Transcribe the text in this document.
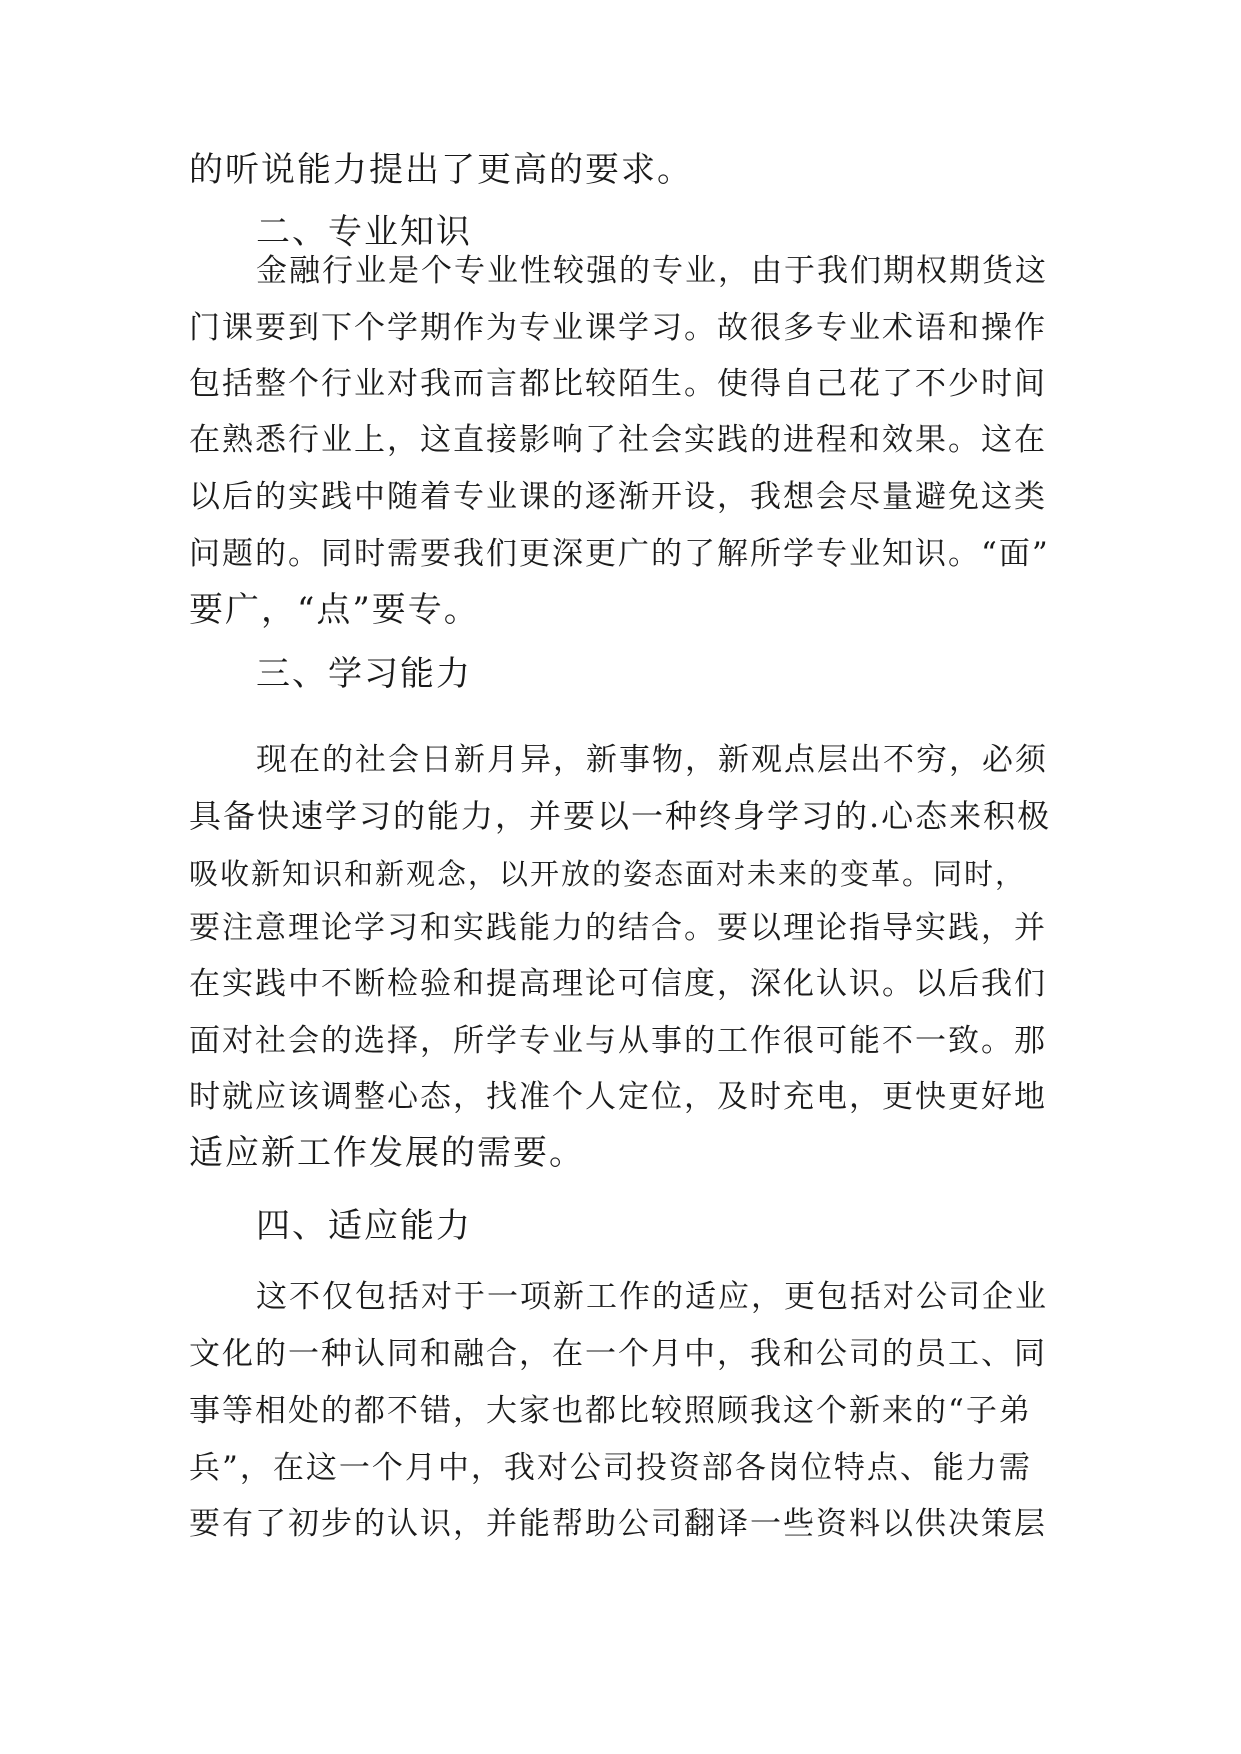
的听说能力提出了更高的要求。
二、专业知识
金融行业是个专业性较强的专业，由于我们期权期货这
门课要到下个学期作为专业课学习。故很多专业术语和操作
包括整个行业对我而言都比较陌生。使得自己花了不少时间
在熟悉行业上，这直接影响了社会实践的进程和效果。这在
以后的实践中随着专业课的逐渐开设，我想会尽量避免这类
问题的。同时需要我们更深更广的了解所学专业知识。“面”
要广，“点”要专。
三、学习能力
现在的社会日新月异，新事物，新观点层出不穷，必须
具备快速学习的能力，并要以一种终身学习的.心态来积极
吸收新知识和新观念，以开放的姿态面对未来的变革。同时，
要注意理论学习和实践能力的结合。要以理论指导实践，并
在实践中不断检验和提高理论可信度，深化认识。以后我们
面对社会的选择，所学专业与从事的工作很可能不一致。那
时就应该调整心态，找准个人定位，及时充电，更快更好地
适应新工作发展的需要。
四、适应能力
这不仅包括对于一项新工作的适应，更包括对公司企业
文化的一种认同和融合，在一个月中，我和公司的员工、同
事等相处的都不错，大家也都比较照顾我这个新来的“子弟
兵”，在这一个月中，我对公司投资部各岗位特点、能力需
要有了初步的认识，并能帮助公司翻译一些资料以供决策层
